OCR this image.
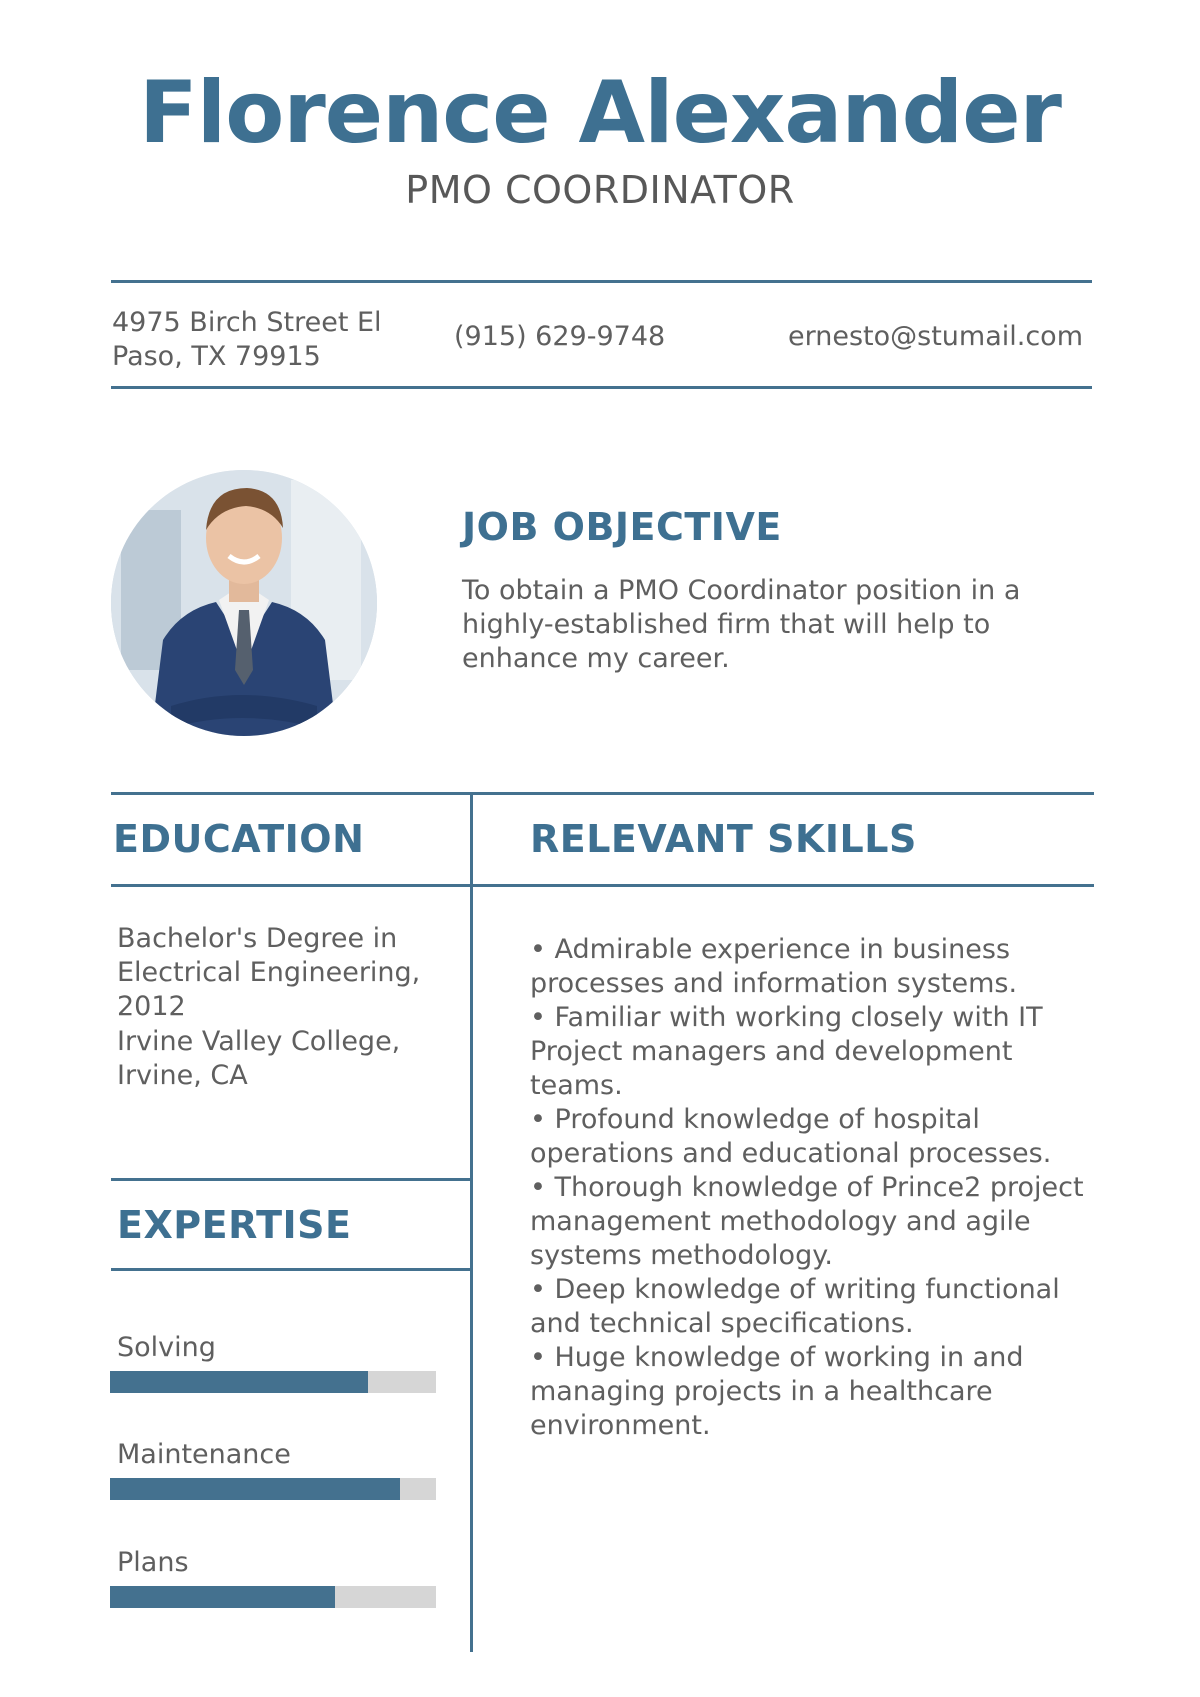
Florence Alexander
PMO COORDINATOR
4975 Birch Street El
Paso, TX 79915
(915) 629-9748	ernesto@stumail.com
JOB OBJECTIVE
To obtain a PMO Coordinator position in a highly-established firm that will help to enhance my career.
EDUCATION
Bachelor's Degree in Electrical Engineering, 2012
Irvine Valley College, Irvine, CA
EXPERTISE
Solving
Maintenance
Plans
RELEVANT SKILLS
• Admirable experience in business processes and information systems.
• Familiar with working closely with IT Project managers and development teams.
• Profound knowledge of hospital operations and educational processes.
• Thorough knowledge of Prince2 project management methodology and agile systems methodology.
• Deep knowledge of writing functional and technical specifications.
• Huge knowledge of working in and managing projects in a healthcare environment.
